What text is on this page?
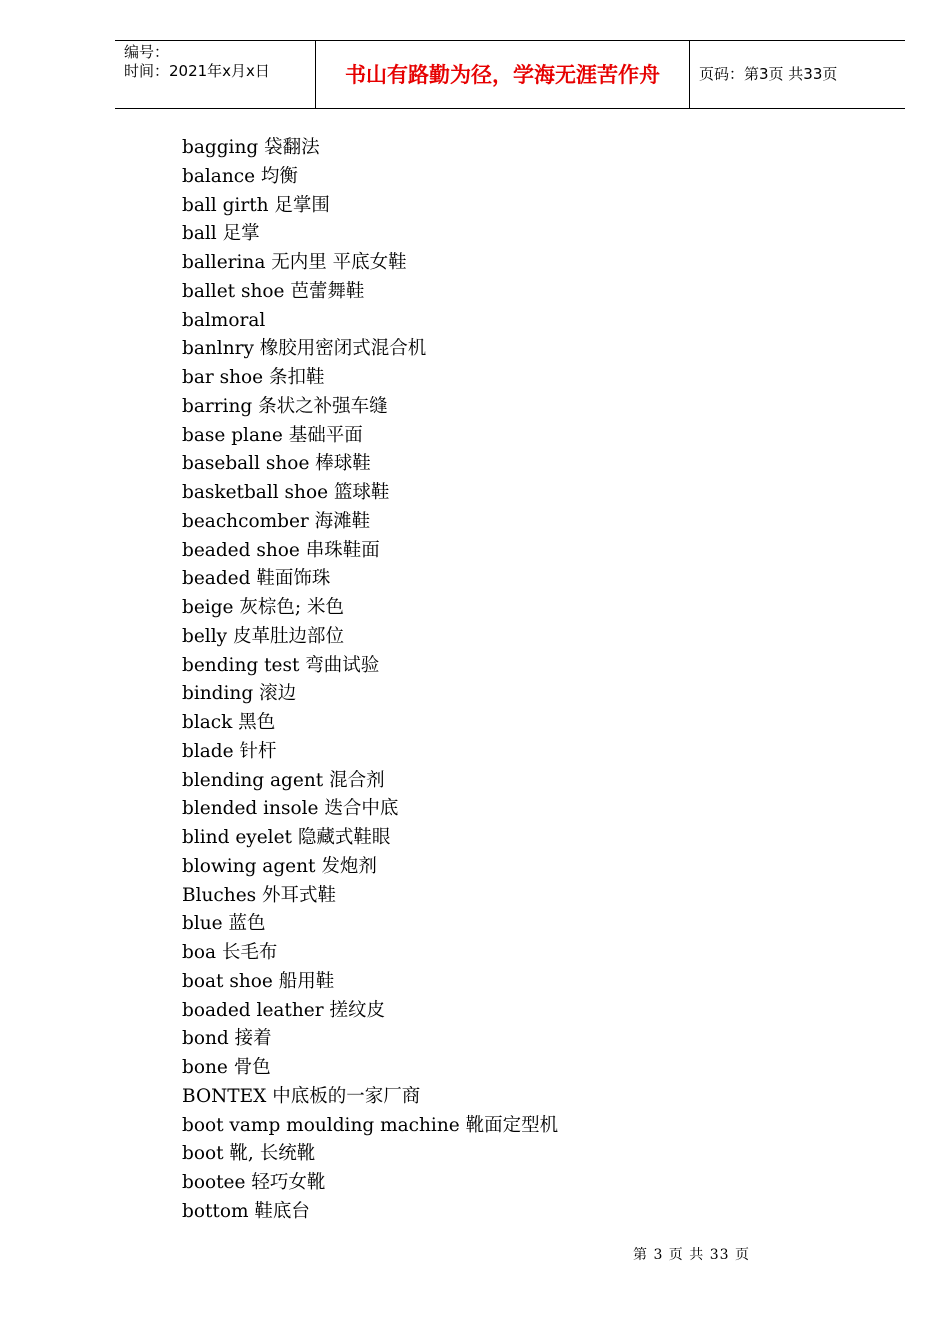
编号：
时间：2021年x月x日	书山有路勤为径，学海无涯苦作舟	页码：第3页 共33页
bagging 袋翻法
balance 均衡
ball girth 足掌围
ball 足掌
ballerina 无内里 平底女鞋
ballet shoe 芭蕾舞鞋
balmoral
banlnry 橡胶用密闭式混合机
bar shoe 条扣鞋
barring 条状之补强车缝
base plane 基础平面
baseball shoe 棒球鞋
basketball shoe 篮球鞋
beachcomber 海滩鞋
beaded shoe 串珠鞋面
beaded 鞋面饰珠
beige 灰棕色; 米色
belly 皮革肚边部位
bending test 弯曲试验
binding 滚边
black 黑色
blade 针杆
blending agent 混合剂
blended insole 迭合中底
blind eyelet 隐藏式鞋眼
blowing agent 发炮剂
Bluches 外耳式鞋
blue 蓝色
boa 长毛布
boat shoe 船用鞋
boaded leather 搓纹皮
bond 接着
bone 骨色
BONTEX 中底板的一家厂商
boot vamp moulding machine 靴面定型机
boot 靴, 长统靴
bootee 轻巧女靴
bottom 鞋底台
第 3 页 共 33 页
